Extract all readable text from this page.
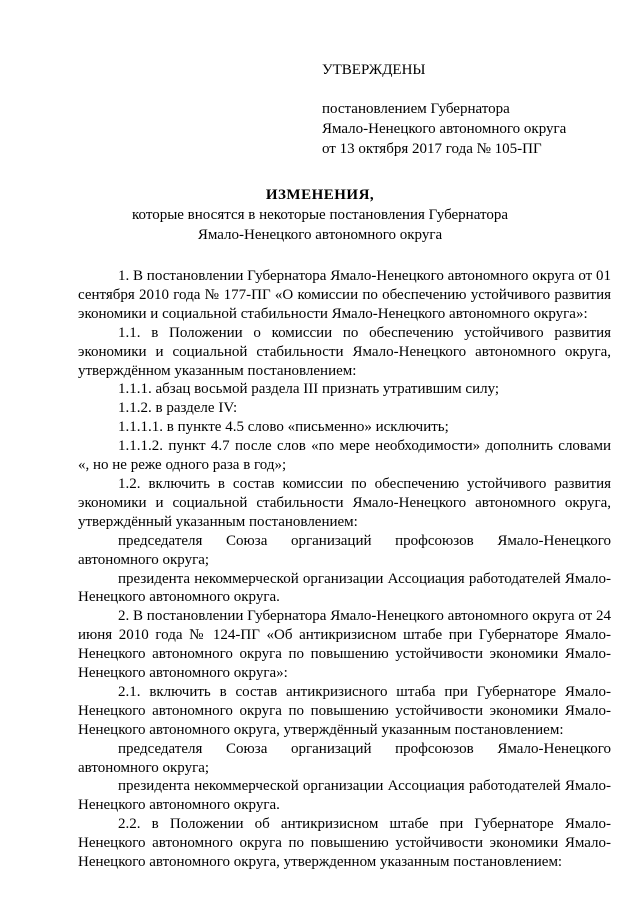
УТВЕРЖДЕНЫ
постановлением Губернатора
Ямало-Ненецкого автономного округа
от 13 октября 2017 года № 105-ПГ
ИЗМЕНЕНИЯ,
которые вносятся в некоторые постановления Губернатора
Ямало-Ненецкого автономного округа

1. В постановлении Губернатора Ямало-Ненецкого автономного округа от 01 сентября 2010 года № 177-ПГ «О комиссии по обеспечению устойчивого развития экономики и социальной стабильности Ямало-Ненецкого автономного округа»:

1.1. в Положении о комиссии по обеспечению устойчивого развития экономики и социальной стабильности Ямало-Ненецкого автономного округа, утверждённом указанным постановлением:

1.1.1. абзац восьмой раздела III признать утратившим силу;

1.1.2. в разделе IV:

1.1.1.1. в пункте 4.5 слово «письменно» исключить;

1.1.1.2. пункт 4.7 после слов «по мере необходимости» дополнить словами «, но не реже одного раза в год»;

1.2. включить в состав комиссии по обеспечению устойчивого развития экономики и социальной стабильности Ямало-Ненецкого автономного округа, утверждённый указанным постановлением:

председателя Союза организаций профсоюзов Ямало-Ненецкого автономного округа;

президента некоммерческой организации Ассоциация работодателей Ямало-Ненецкого автономного округа.

2. В постановлении Губернатора Ямало-Ненецкого автономного округа от 24 июня 2010 года № 124-ПГ «Об антикризисном штабе при Губернаторе Ямало-Ненецкого автономного округа по повышению устойчивости экономики Ямало-Ненецкого автономного округа»:

2.1. включить в состав антикризисного штаба при Губернаторе Ямало-Ненецкого автономного округа по повышению устойчивости экономики Ямало-Ненецкого автономного округа, утверждённый указанным постановлением:

председателя Союза организаций профсоюзов Ямало-Ненецкого автономного округа;

президента некоммерческой организации Ассоциация работодателей Ямало-Ненецкого автономного округа.

2.2. в Положении об антикризисном штабе при Губернаторе Ямало-Ненецкого автономного округа по повышению устойчивости экономики Ямало-Ненецкого автономного округа, утвержденном указанным постановлением:
